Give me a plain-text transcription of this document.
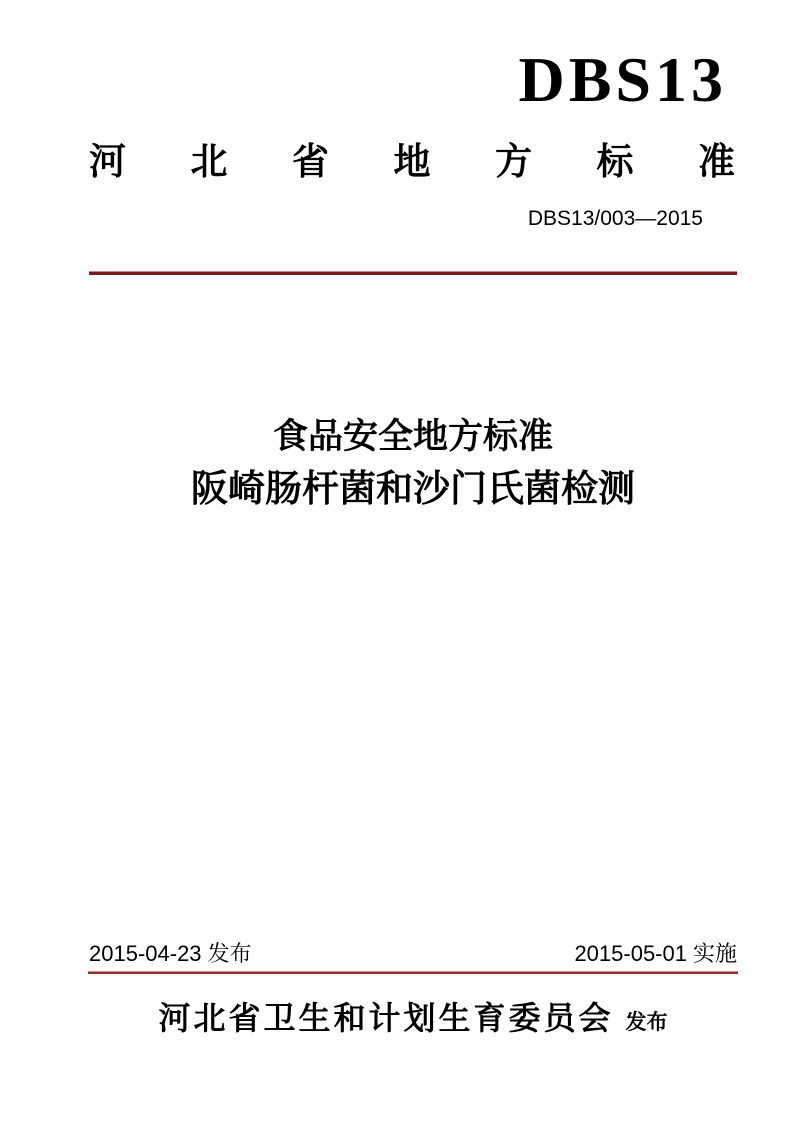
DBS13
河 北 省 地 方 标 准
DBS13/003—2015
食品安全地方标准
阪崎肠杆菌和沙门氏菌检测
2015-04-23 发布	2015-05-01 实施
河北省卫生和计划生育委员会 发布
